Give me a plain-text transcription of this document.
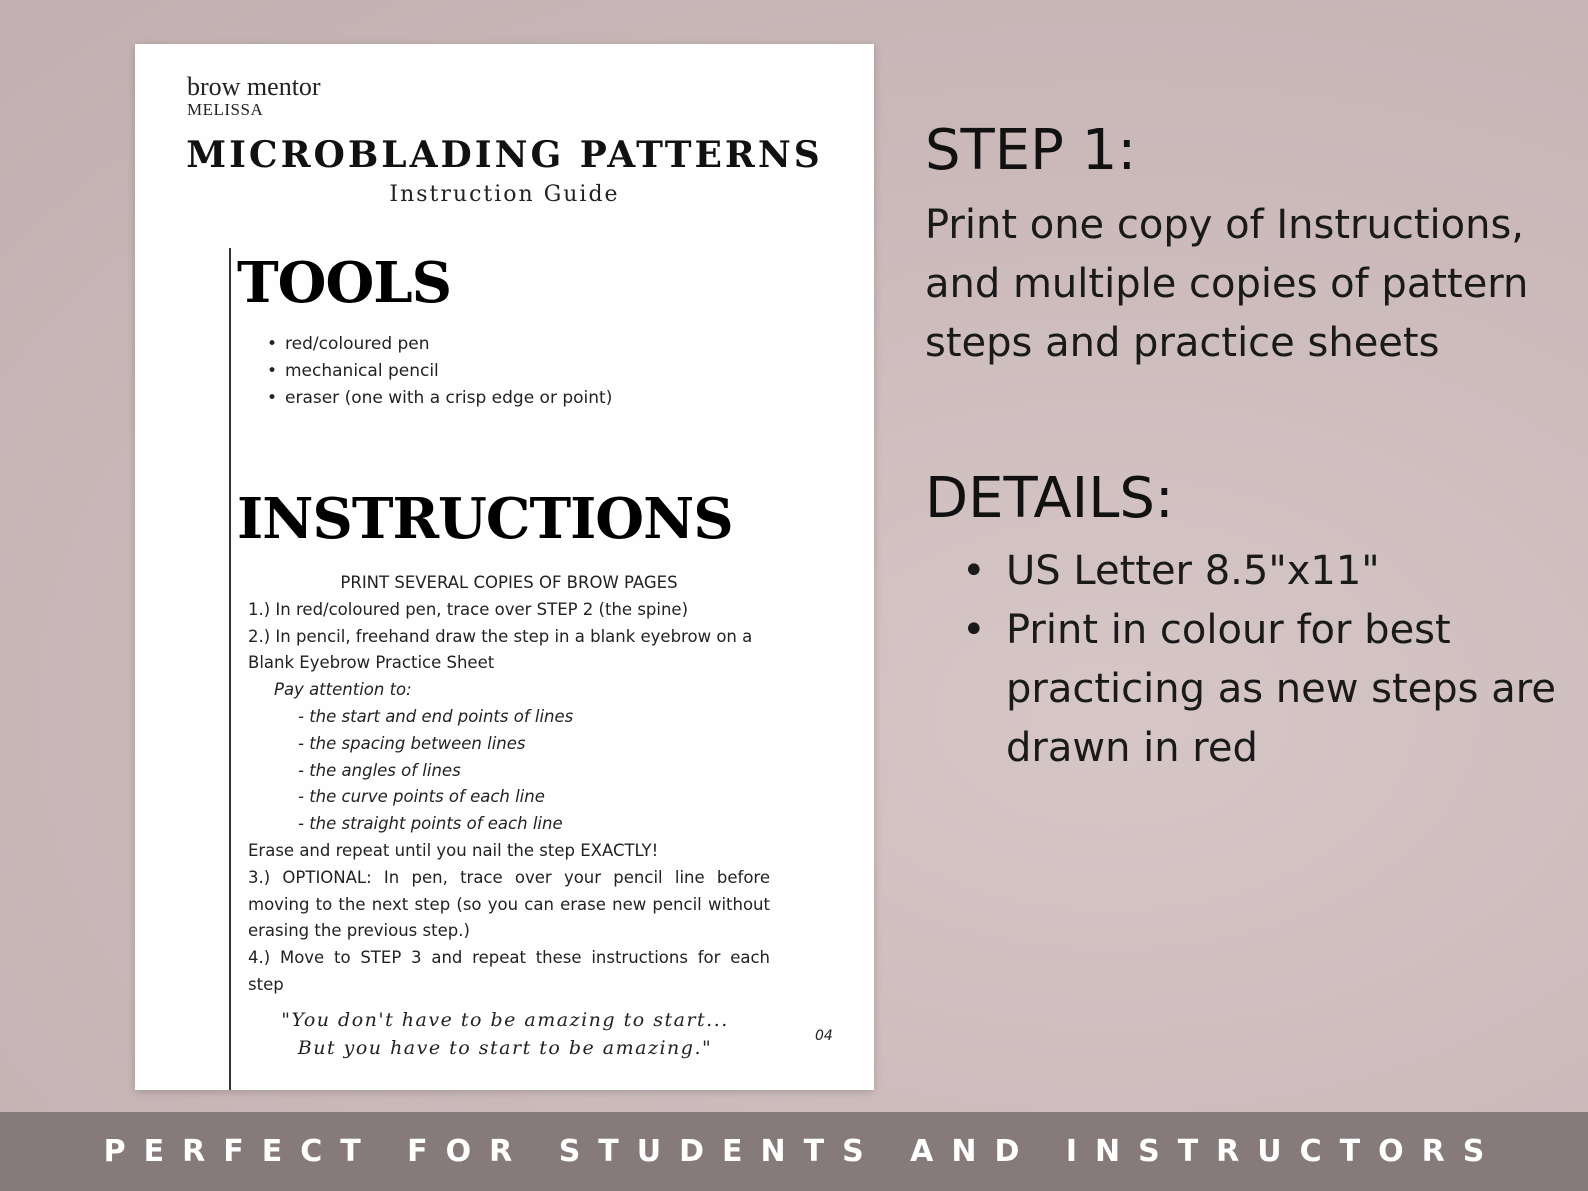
brow mentor
MELISSA
MICROBLADING PATTERNS
Instruction Guide
TOOLS
• red/coloured pen
• mechanical pencil
• eraser (one with a crisp edge or point)
INSTRUCTIONS
PRINT SEVERAL COPIES OF BROW PAGES
1.) In red/coloured pen, trace over STEP 2 (the spine)
2.) In pencil, freehand draw the step in a blank eyebrow on a
Blank Eyebrow Practice Sheet
Pay attention to:
- the start and end points of lines
- the spacing between lines
- the angles of lines
- the curve points of each line
- the straight points of each line
Erase and repeat until you nail the step EXACTLY!
3.) OPTIONAL: In pen, trace over your pencil line before
moving to the next step (so you can erase new pencil without
erasing the previous step.)
4.) Move to STEP 3 and repeat these instructions for each
step
"You don't have to be amazing to start...
But you have to start to be amazing."
04
STEP 1:
Print one copy of Instructions, and multiple copies of pattern steps and practice sheets
DETAILS:
• US Letter 8.5"x11"
• Print in colour for best practicing as new steps are drawn in red
PERFECT FOR STUDENTS AND INSTRUCTORS
